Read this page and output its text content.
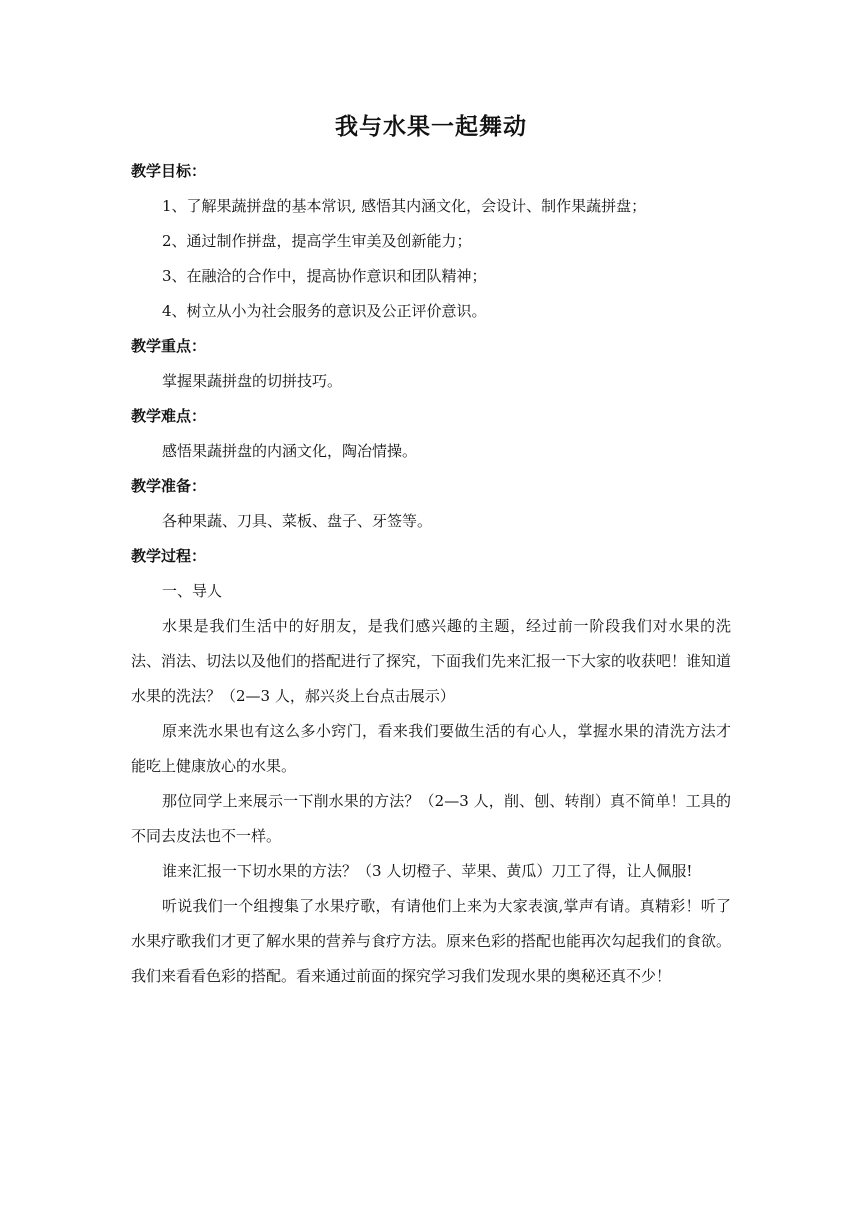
我与水果一起舞动

教学目标：

1、了解果蔬拼盘的基本常识, 感悟其内涵文化，会设计、制作果蔬拼盘；

2、通过制作拼盘，提高学生审美及创新能力；

3、在融洽的合作中，提高协作意识和团队精神；

4、树立从小为社会服务的意识及公正评价意识。

教学重点：

掌握果蔬拼盘的切拼技巧。

教学难点：

感悟果蔬拼盘的内涵文化，陶冶情操。

教学准备：

各种果蔬、刀具、菜板、盘子、牙签等。

教学过程：

一、导人

水果是我们生活中的好朋友，是我们感兴趣的主题，经过前一阶段我们对水果的洗法、消法、切法以及他们的搭配进行了探究，下面我们先来汇报一下大家的收获吧！谁知道水果的洗法？（2—3 人，郝兴炎上台点击展示）

原来洗水果也有这么多小窍门，看来我们要做生活的有心人，掌握水果的清洗方法才能吃上健康放心的水果。

那位同学上来展示一下削水果的方法？（2—3 人，削、刨、转削）真不简单！工具的不同去皮法也不一样。

谁来汇报一下切水果的方法？（3 人切橙子、苹果、黄瓜）刀工了得，让人佩服!

听说我们一个组搜集了水果疗歌，有请他们上来为大家表演,掌声有请。真精彩！听了水果疗歌我们才更了解水果的营养与食疗方法。原来色彩的搭配也能再次勾起我们的食欲。我们来看看色彩的搭配。看来通过前面的探究学习我们发现水果的奥秘还真不少！
